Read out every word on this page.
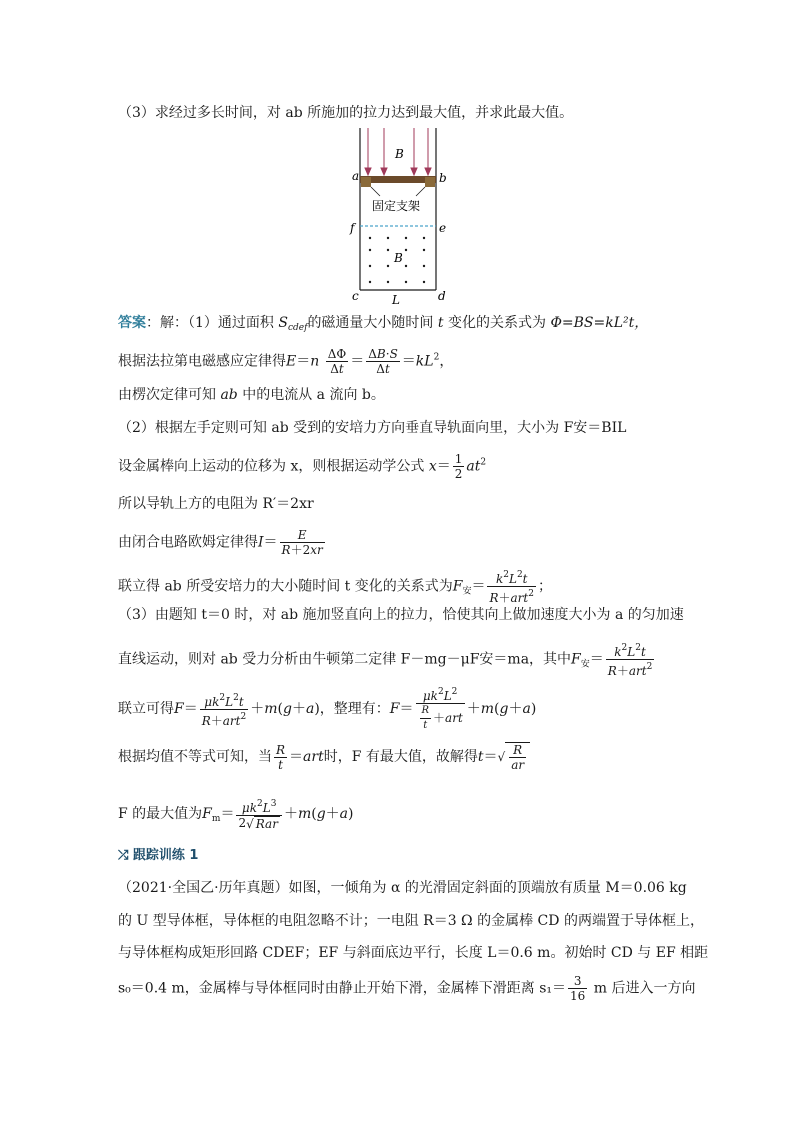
（3）求经过多长时间，对 ab 所施加的拉力达到最大值，并求此最大值。
B
a	b
固定支架
f	e
B
c	L	d
答案：解：（1）通过面积 $S_{cdef}$的磁通量大小随时间 t 变化的关系式为 Φ=BS=kL²t，
根据法拉第电磁感应定律得$E=n \frac{\Delta\Phi}{\Delta t} = \frac{\Delta B\cdot S}{\Delta t} =kL^2$，
由楞次定律可知 ab 中的电流从 a 流向 b。
（2）根据左手定则可知 ab 受到的安培力方向垂直导轨面向里，大小为 F安＝BIL
设金属棒向上运动的位移为 x，则根据运动学公式 $x= \frac{1}{2} at^2$
所以导轨上方的电阻为 R′＝2xr
由闭合电路欧姆定律得$I= \frac{E}{R+2xr}$
联立得 ab 所受安培力的大小随时间 t 变化的关系式为$F_安= \frac{k^2L^2t}{R+art^2}$ ；
（3）由题知 t＝0 时，对 ab 施加竖直向上的拉力，恰使其向上做加速度大小为 a 的匀加速
直线运动，则对 ab 受力分析由牛顿第二定律 F－mg－μF安＝ma，其中$F_安= \frac{k^2L^2t}{R+art^2}$
联立可得$F= \frac{\mu k^2L^2t}{R+art^2} +m(g+a)$，整理有：$F= \frac{\mu k^2L^2}{\frac{R}{t} +art} +m(g+a)$
根据均值不等式可知，当 $\frac{R}{t} =art$时，F 有最大值，故解得$t=√ \frac{R}{ar}$
F 的最大值为$F_m= \frac{\mu k^2L^3}{\text{2√ Rar}} +m(g+a)$
⤮ 跟踪训练 1
（2021·全国乙·历年真题）如图，一倾角为 α 的光滑固定斜面的顶端放有质量 M＝0.06 kg
的 U 型导体框，导体框的电阻忽略不计；一电阻 R＝3 Ω 的金属棒 CD 的两端置于导体框上，
与导体框构成矩形回路 CDEF；EF 与斜面底边平行，长度 L＝0.6 m。初始时 CD 与 EF 相距
s₀＝0.4 m，金属棒与导体框同时由静止开始下滑，金属棒下滑距离 $s_1= \frac{3}{16}$ m 后进入一方向
